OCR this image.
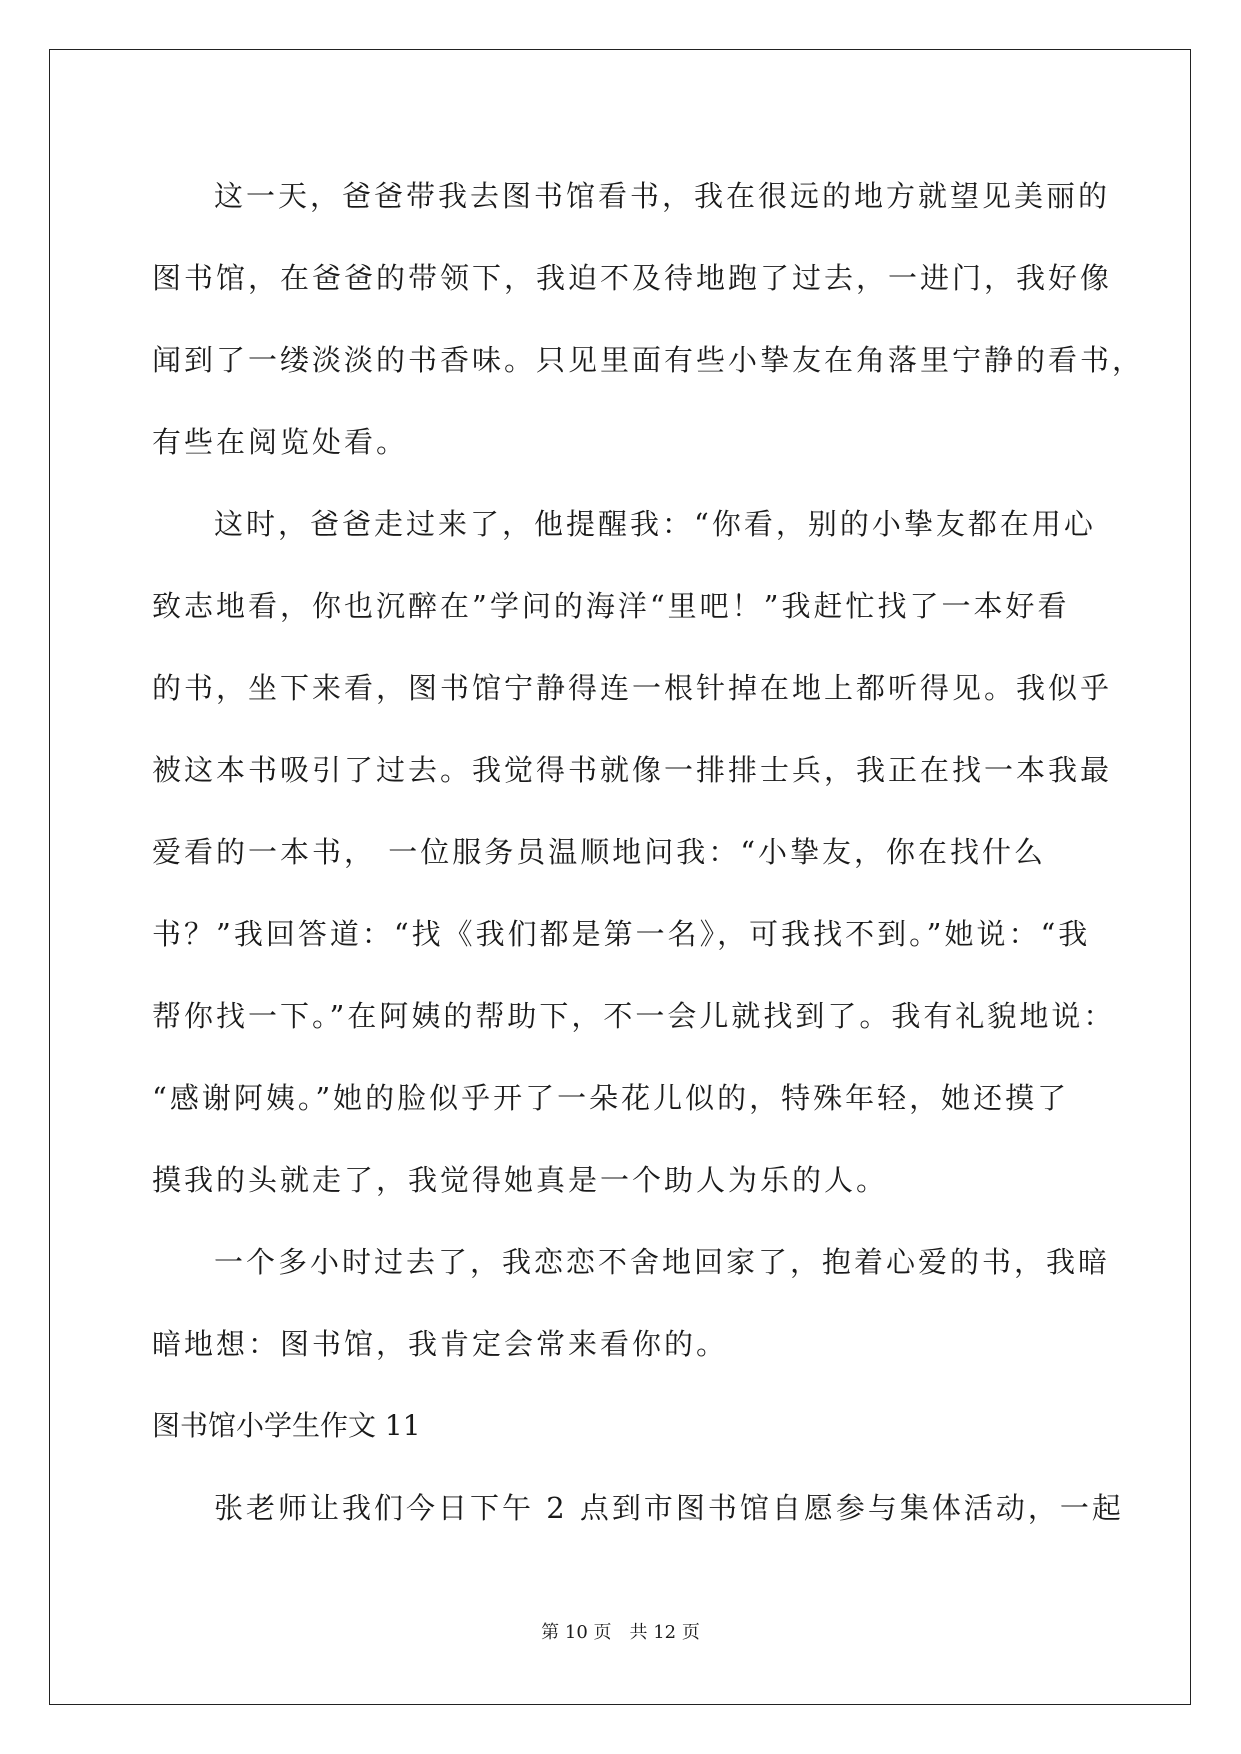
这一天，爸爸带我去图书馆看书，我在很远的地方就望见美丽的
图书馆，在爸爸的带领下，我迫不及待地跑了过去，一进门，我好像
闻到了一缕淡淡的书香味。只见里面有些小挚友在角落里宁静的看书，
有些在阅览处看。
这时，爸爸走过来了，他提醒我：“你看，别的小挚友都在用心
致志地看，你也沉醉在”学问的海洋“里吧！”我赶忙找了一本好看
的书，坐下来看，图书馆宁静得连一根针掉在地上都听得见。我似乎
被这本书吸引了过去。我觉得书就像一排排士兵，我正在找一本我最
爱看的一本书， 一位服务员温顺地问我：“小挚友，你在找什么
书？”我回答道：“找《我们都是第一名》，可我找不到。”她说：“我
帮你找一下。”在阿姨的帮助下，不一会儿就找到了。我有礼貌地说：
“感谢阿姨。”她的脸似乎开了一朵花儿似的，特殊年轻，她还摸了
摸我的头就走了，我觉得她真是一个助人为乐的人。
一个多小时过去了，我恋恋不舍地回家了，抱着心爱的书，我暗
暗地想：图书馆，我肯定会常来看你的。
图书馆小学生作文 11
张老师让我们今日下午 2 点到市图书馆自愿参与集体活动，一起
第 10 页 共 12 页
